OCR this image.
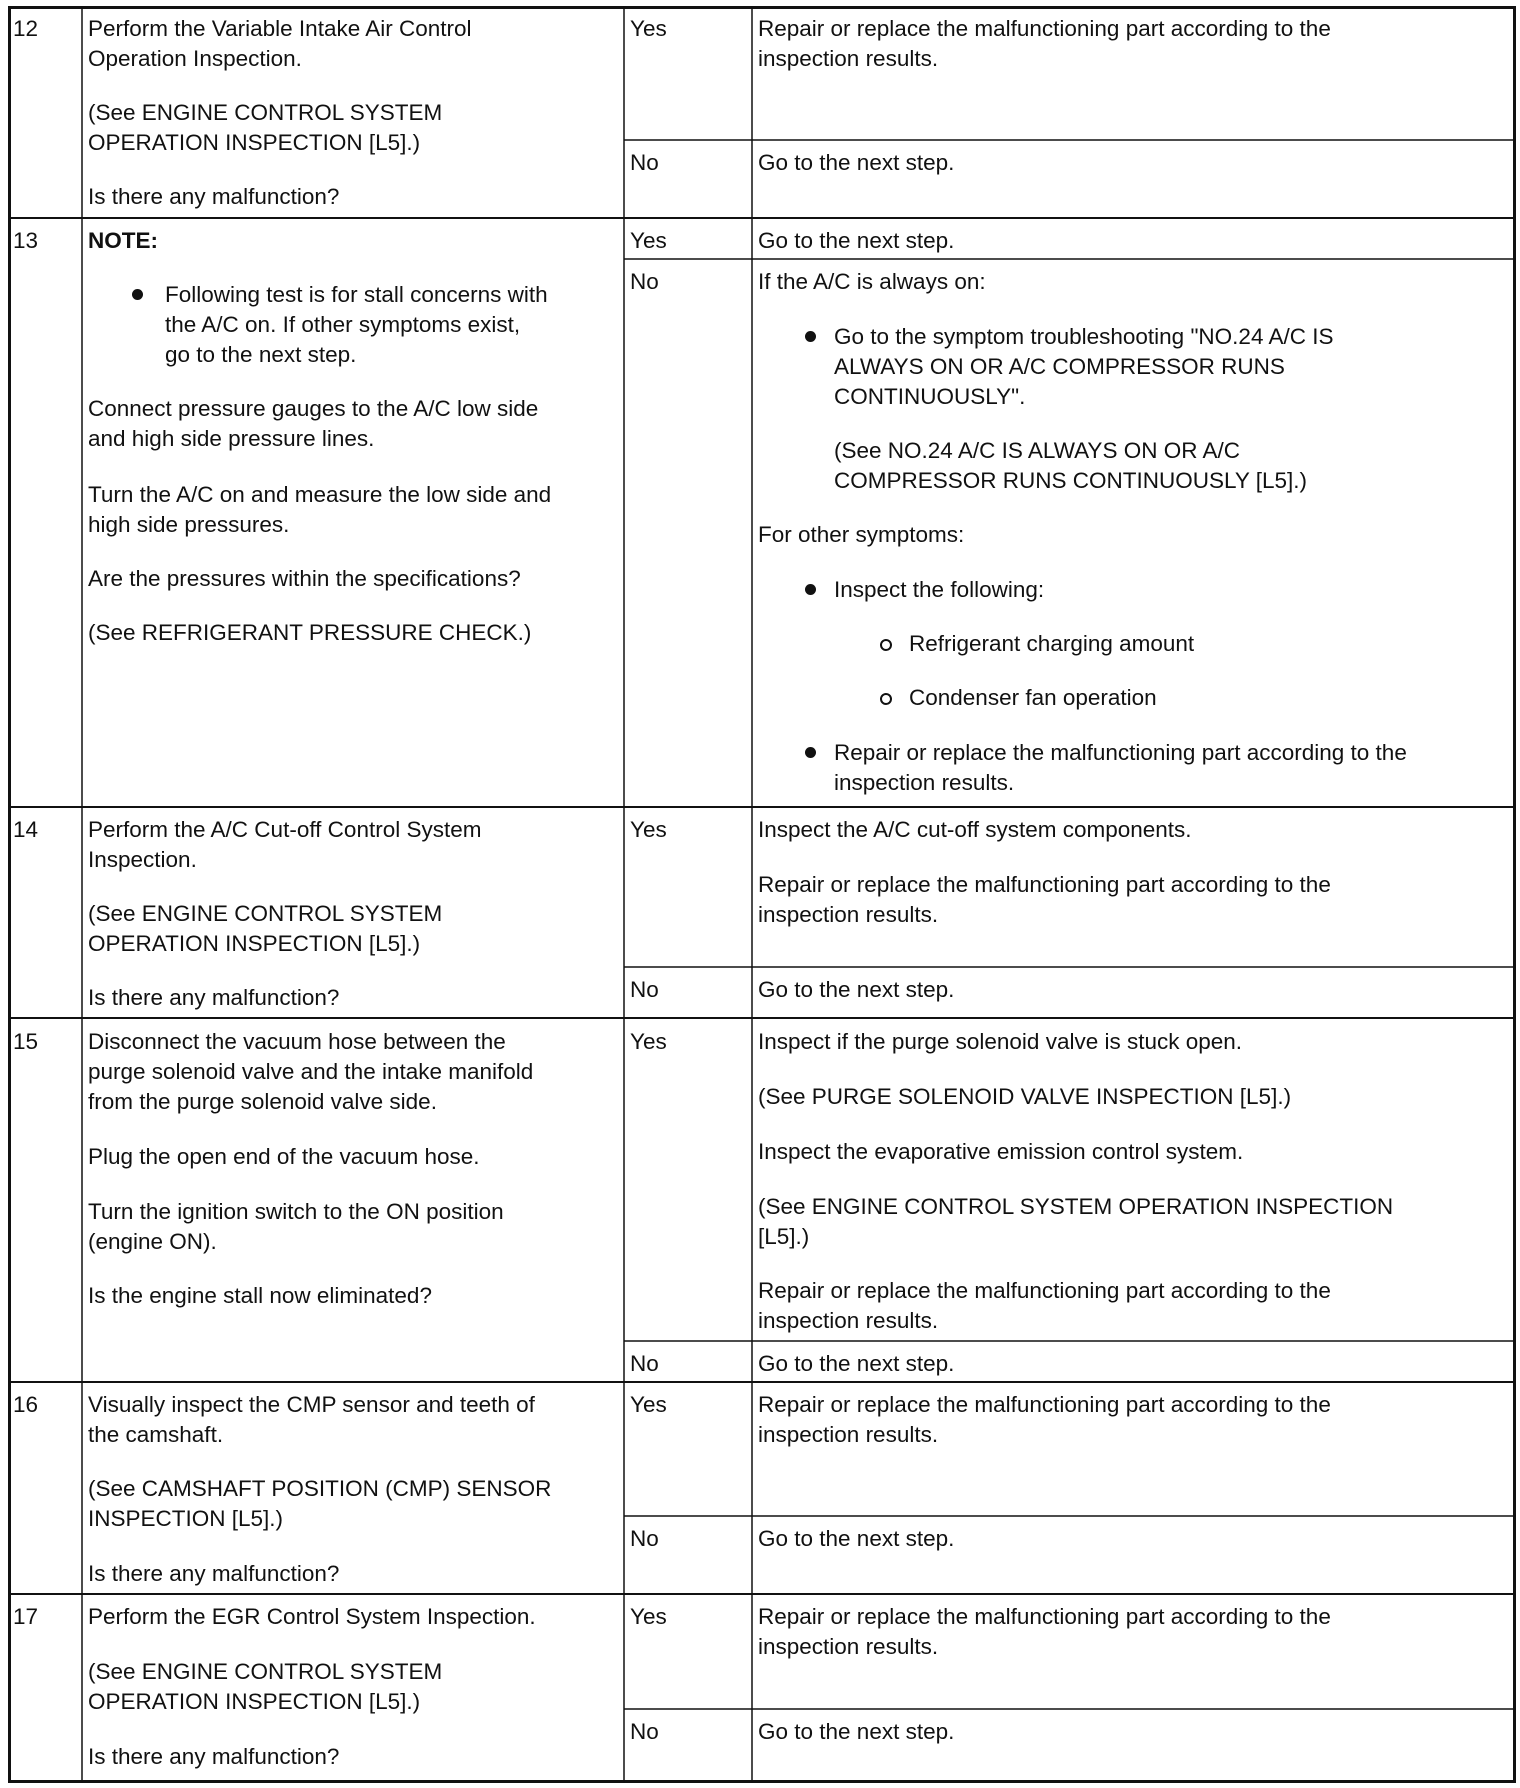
12 Perform the Variable Intake Air Control

Operation Inspection.

(See ENGINE CONTROL SYSTEM

OPERATION INSPECTION [L5].)

Is there any malfunction?

Yes	Repair or replace the malfunctioning part according to the

inspection results.

No	Go to the next step.

13 NOTE:

Following test is for stall concerns with

the A/C on. If other symptoms exist,

go to the next step.

Connect pressure gauges to the A/C low side

and high side pressure lines.

Turn the A/C on and measure the low side and

high side pressures.

Are the pressures within the specifications?

(See REFRIGERANT PRESSURE CHECK.)

Yes	Go to the next step.

No	If the A/C is always on:

Go to the symptom troubleshooting "NO.24 A/C IS

ALWAYS ON OR A/C COMPRESSOR RUNS

CONTINUOUSLY".

(See NO.24 A/C IS ALWAYS ON OR A/C

COMPRESSOR RUNS CONTINUOUSLY [L5].)

For other symptoms:

Inspect the following:

Refrigerant charging amount

Condenser fan operation

Repair or replace the malfunctioning part according to the

inspection results.

14 Perform the A/C Cut-off Control System

Inspection.

(See ENGINE CONTROL SYSTEM

OPERATION INSPECTION [L5].)

Is there any malfunction?

Yes	Inspect the A/C cut-off system components.

Repair or replace the malfunctioning part according to the

inspection results.

No	Go to the next step.

15 Disconnect the vacuum hose between the

purge solenoid valve and the intake manifold

from the purge solenoid valve side.

Plug the open end of the vacuum hose.

Turn the ignition switch to the ON position

(engine ON).

Is the engine stall now eliminated?

Yes	Inspect if the purge solenoid valve is stuck open.

(See PURGE SOLENOID VALVE INSPECTION [L5].)

Inspect the evaporative emission control system.

(See ENGINE CONTROL SYSTEM OPERATION INSPECTION

[L5].)

Repair or replace the malfunctioning part according to the

inspection results.

No	Go to the next step.

16 Visually inspect the CMP sensor and teeth of

the camshaft.

(See CAMSHAFT POSITION (CMP) SENSOR

INSPECTION [L5].)

Is there any malfunction?

Yes	Repair or replace the malfunctioning part according to the

inspection results.

No	Go to the next step.

17 Perform the EGR Control System Inspection.

(See ENGINE CONTROL SYSTEM

OPERATION INSPECTION [L5].)

Is there any malfunction?

Yes	Repair or replace the malfunctioning part according to the

inspection results.

No	Go to the next step.
